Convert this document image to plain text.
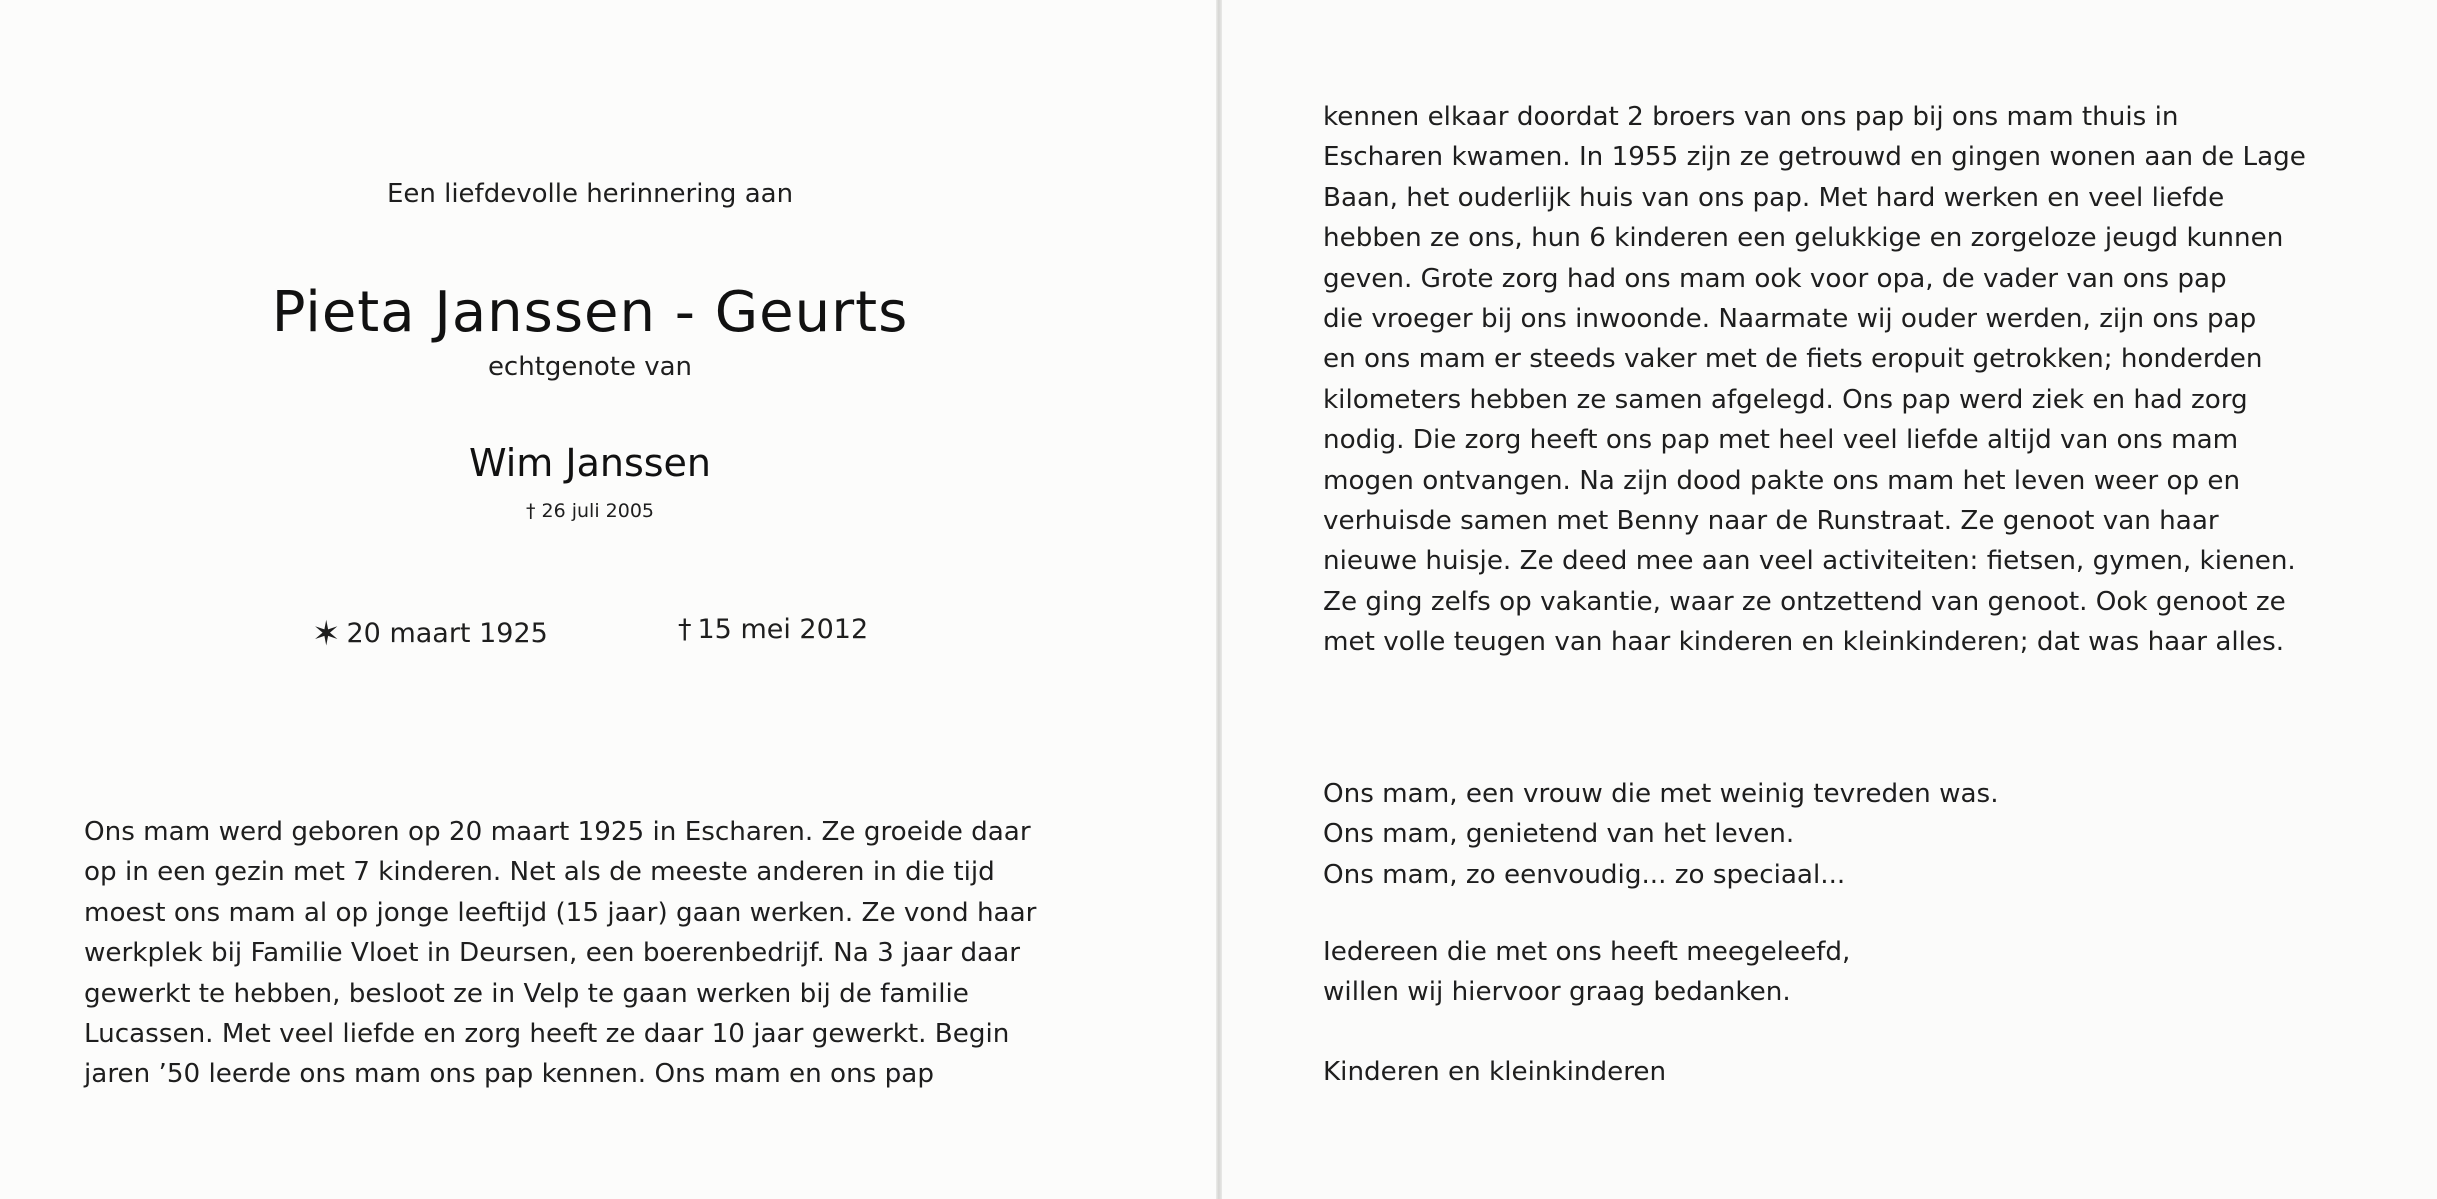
Een liefdevolle herinnering aan
Pieta Janssen - Geurts
echtgenote van
Wim Janssen
† 26 juli 2005
✶ 20 maart 1925	† 15 mei 2012
Ons mam werd geboren op 20 maart 1925 in Escharen. Ze groeide daar
op in een gezin met 7 kinderen. Net als de meeste anderen in die tijd
moest ons mam al op jonge leeftijd (15 jaar) gaan werken. Ze vond haar
werkplek bij Familie Vloet in Deursen, een boerenbedrijf. Na 3 jaar daar
gewerkt te hebben, besloot ze in Velp te gaan werken bij de familie
Lucassen. Met veel liefde en zorg heeft ze daar 10 jaar gewerkt. Begin
jaren ’50 leerde ons mam ons pap kennen. Ons mam en ons pap
kennen elkaar doordat 2 broers van ons pap bij ons mam thuis in
Escharen kwamen. In 1955 zijn ze getrouwd en gingen wonen aan de Lage
Baan, het ouderlijk huis van ons pap. Met hard werken en veel liefde
hebben ze ons, hun 6 kinderen een gelukkige en zorgeloze jeugd kunnen
geven. Grote zorg had ons mam ook voor opa, de vader van ons pap
die vroeger bij ons inwoonde. Naarmate wij ouder werden, zijn ons pap
en ons mam er steeds vaker met de fiets eropuit getrokken; honderden
kilometers hebben ze samen afgelegd. Ons pap werd ziek en had zorg
nodig. Die zorg heeft ons pap met heel veel liefde altijd van ons mam
mogen ontvangen. Na zijn dood pakte ons mam het leven weer op en
verhuisde samen met Benny naar de Runstraat. Ze genoot van haar
nieuwe huisje. Ze deed mee aan veel activiteiten: fietsen, gymen, kienen.
Ze ging zelfs op vakantie, waar ze ontzettend van genoot. Ook genoot ze
met volle teugen van haar kinderen en kleinkinderen; dat was haar alles.
Ons mam, een vrouw die met weinig tevreden was.
Ons mam, genietend van het leven.
Ons mam, zo eenvoudig... zo speciaal...
Iedereen die met ons heeft meegeleefd,
willen wij hiervoor graag bedanken.
Kinderen en kleinkinderen
